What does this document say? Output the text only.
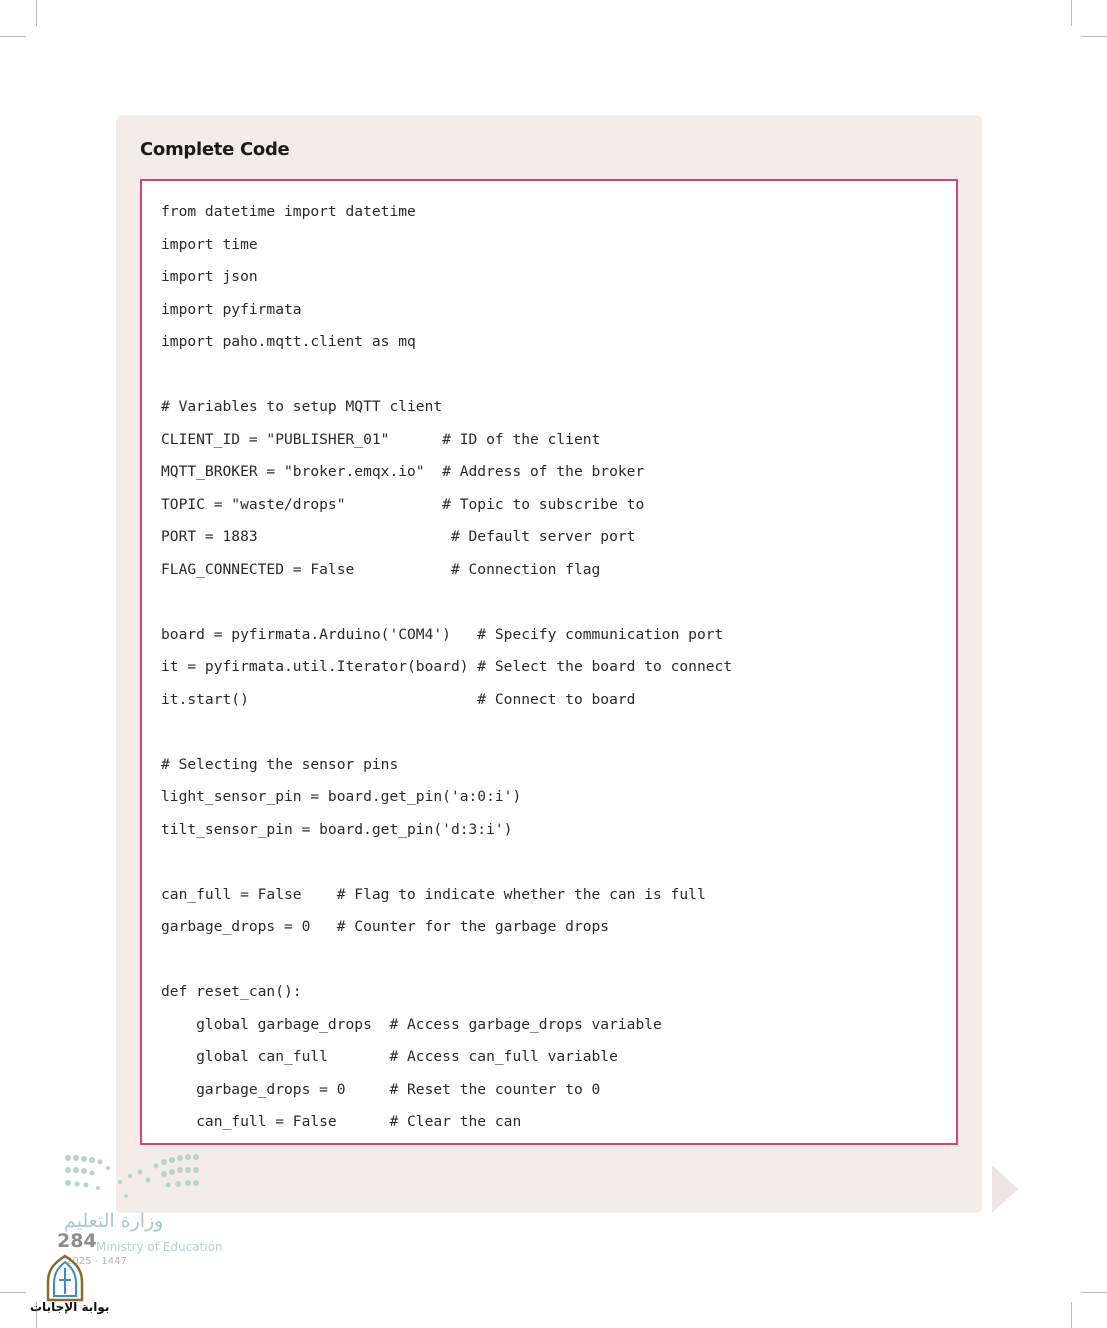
Complete Code
from datetime import datetime
import time
import json
import pyfirmata
import paho.mqtt.client as mq
# Variables to setup MQTT client
CLIENT_ID = "PUBLISHER_01"      # ID of the client
MQTT_BROKER = "broker.emqx.io"  # Address of the broker
TOPIC = "waste/drops"           # Topic to subscribe to
PORT = 1883                      # Default server port
FLAG_CONNECTED = False           # Connection flag
board = pyfirmata.Arduino('COM4')   # Specify communication port
it = pyfirmata.util.Iterator(board) # Select the board to connect
it.start()                          # Connect to board
# Selecting the sensor pins
light_sensor_pin = board.get_pin('a:0:i')
tilt_sensor_pin = board.get_pin('d:3:i')
can_full = False    # Flag to indicate whether the can is full
garbage_drops = 0   # Counter for the garbage drops
def reset_can():
global garbage_drops  # Access garbage_drops variable
global can_full       # Access can_full variable
garbage_drops = 0     # Reset the counter to 0
can_full = False      # Clear the can
وزارة التعليم
Ministry of Education
284
2025 - 1447
بوابة الإجابات
